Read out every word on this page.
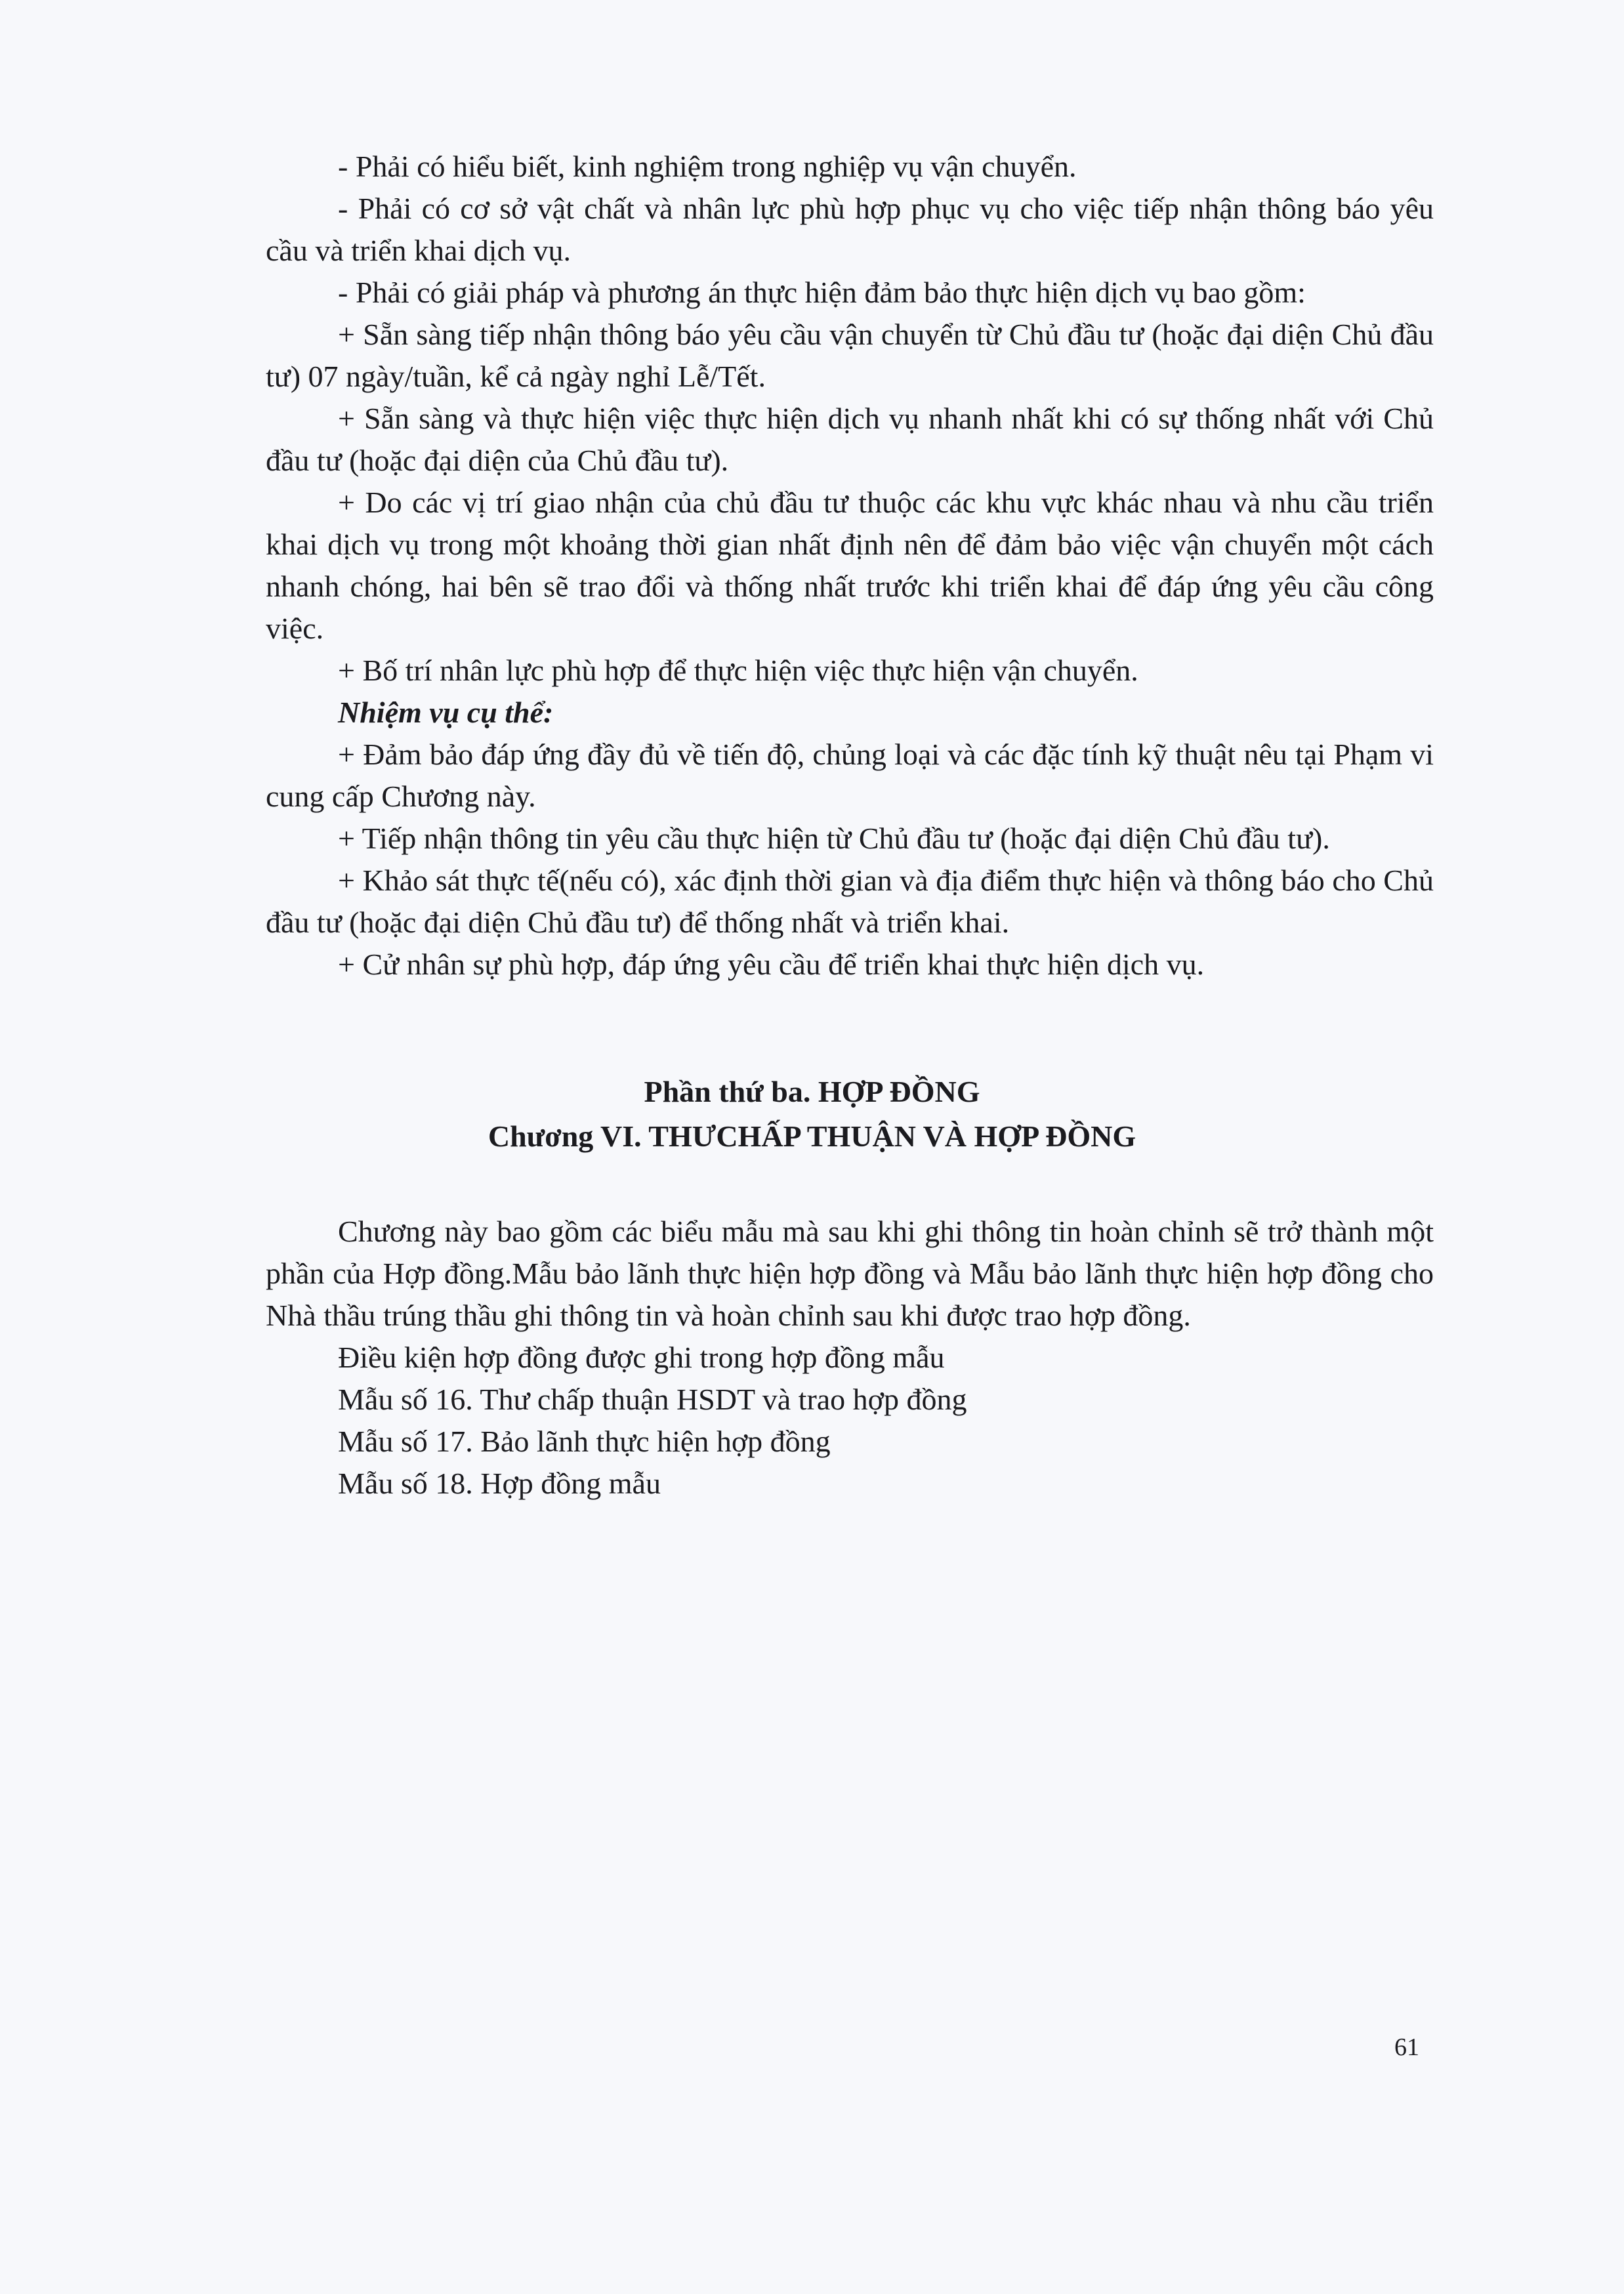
- Phải có hiểu biết, kinh nghiệm trong nghiệp vụ vận chuyển.

- Phải có cơ sở vật chất và nhân lực phù hợp phục vụ cho việc tiếp nhận thông báo yêu cầu và triển khai dịch vụ.

- Phải có giải pháp và phương án thực hiện đảm bảo thực hiện dịch vụ bao gồm:

+ Sẵn sàng tiếp nhận thông báo yêu cầu vận chuyển từ Chủ đầu tư (hoặc đại diện Chủ đầu tư) 07 ngày/tuần, kể cả ngày nghỉ Lễ/Tết.

+ Sẵn sàng và thực hiện việc thực hiện dịch vụ nhanh nhất khi có sự thống nhất với Chủ đầu tư (hoặc đại diện của Chủ đầu tư).

+ Do các vị trí giao nhận của chủ đầu tư thuộc các khu vực khác nhau và nhu cầu triển khai dịch vụ trong một khoảng thời gian nhất định nên để đảm bảo việc vận chuyển một cách nhanh chóng, hai bên sẽ trao đổi và thống nhất trước khi triển khai để đáp ứng yêu cầu công việc.

+ Bố trí nhân lực phù hợp để thực hiện việc thực hiện vận chuyển.

Nhiệm vụ cụ thể:

+ Đảm bảo đáp ứng đầy đủ về tiến độ, chủng loại và các đặc tính kỹ thuật nêu tại Phạm vi cung cấp Chương này.

+ Tiếp nhận thông tin yêu cầu thực hiện từ Chủ đầu tư (hoặc đại diện Chủ đầu tư).

+ Khảo sát thực tế(nếu có), xác định thời gian và địa điểm thực hiện và thông báo cho Chủ đầu tư (hoặc đại diện Chủ đầu tư) để thống nhất và triển khai.

+ Cử nhân sự phù hợp, đáp ứng yêu cầu để triển khai thực hiện dịch vụ.

Phần thứ ba. HỢP ĐỒNG
Chương VI. THƯCHẤP THUẬN VÀ HỢP ĐỒNG

Chương này bao gồm các biểu mẫu mà sau khi ghi thông tin hoàn chỉnh sẽ trở thành một phần của Hợp đồng.Mẫu bảo lãnh thực hiện hợp đồng và Mẫu bảo lãnh thực hiện hợp đồng cho Nhà thầu trúng thầu ghi thông tin và hoàn chỉnh sau khi được trao hợp đồng.

Điều kiện hợp đồng được ghi trong hợp đồng mẫu

Mẫu số 16. Thư chấp thuận HSDT và trao hợp đồng

Mẫu số 17. Bảo lãnh thực hiện hợp đồng

Mẫu số 18. Hợp đồng mẫu

61
